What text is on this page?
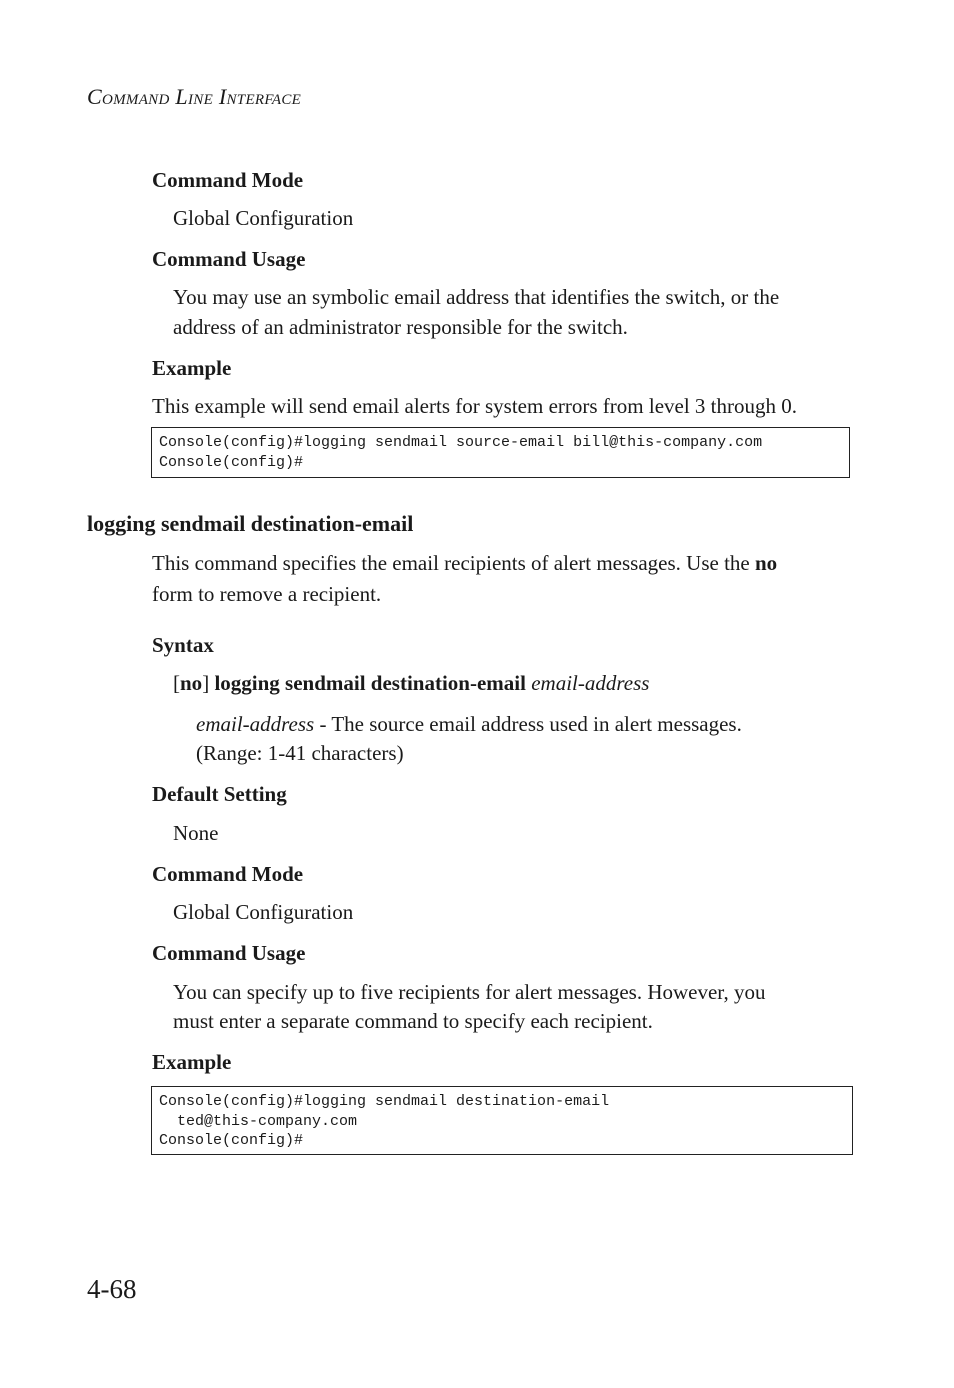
COMMAND LINE INTERFACE
Command Mode
Global Configuration
Command Usage
You may use an symbolic email address that identifies the switch, or the
address of an administrator responsible for the switch.
Example
This example will send email alerts for system errors from level 3 through 0.
Console(config)#logging sendmail source-email bill@this-company.com
Console(config)#
logging sendmail destination-email
This command specifies the email recipients of alert messages. Use the no
form to remove a recipient.
Syntax
[no] logging sendmail destination-email email-address
email-address - The source email address used in alert messages.
(Range: 1-41 characters)
Default Setting
None
Command Mode
Global Configuration
Command Usage
You can specify up to five recipients for alert messages. However, you
must enter a separate command to specify each recipient.
Example
Console(config)#logging sendmail destination-email
ted@this-company.com
Console(config)#
4-68
